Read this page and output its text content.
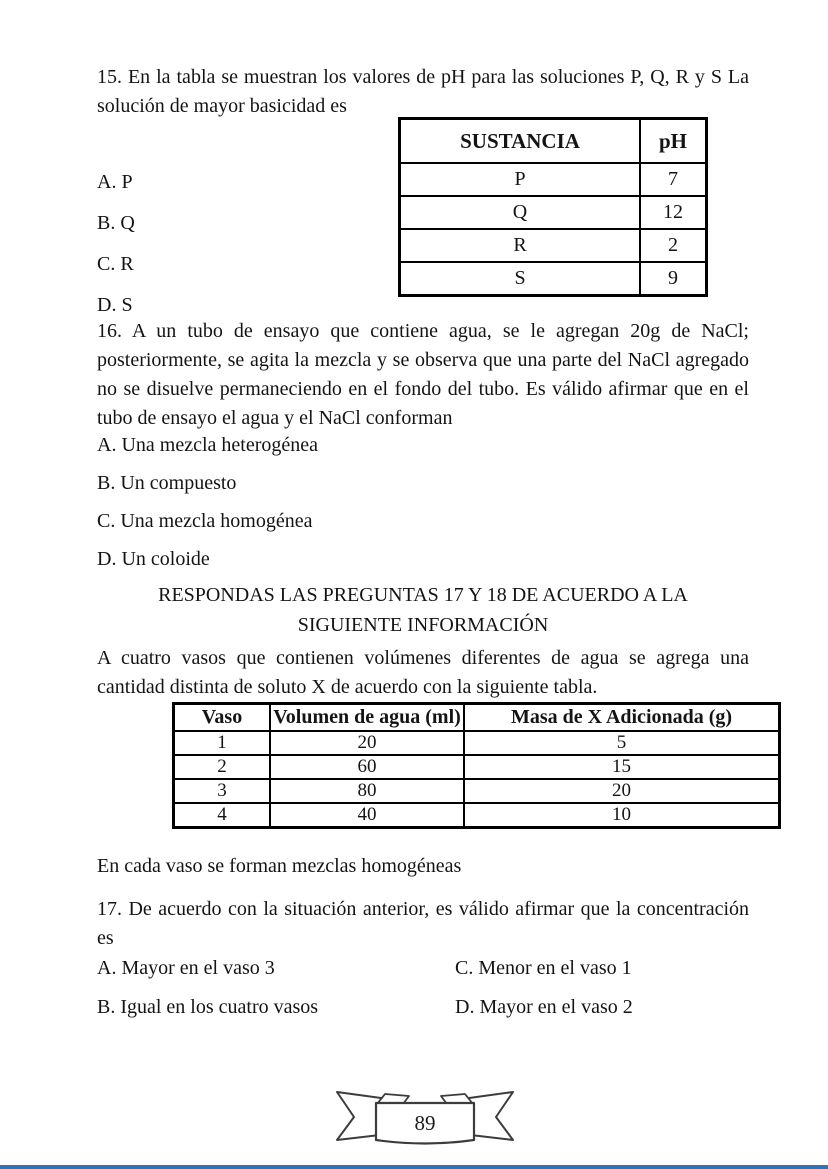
15. En la tabla se muestran los valores de pH para las soluciones P, Q, R y S La solución de mayor basicidad es
SUSTANCIA	pH
P	7
Q	12
R	2
S	9
A. P
B. Q
C. R
D. S
16. A un tubo de ensayo que contiene agua, se le agregan 20g de NaCl; posteriormente, se agita la mezcla y se observa que una parte del NaCl agregado no se disuelve permaneciendo en el fondo del tubo. Es válido afirmar que en el tubo de ensayo el agua y el NaCl conforman
A. Una mezcla heterogénea
B. Un compuesto
C. Una mezcla homogénea
D. Un coloide
RESPONDAS LAS PREGUNTAS 17 Y 18 DE ACUERDO A LA
SIGUIENTE INFORMACIÓN
A cuatro vasos que contienen volúmenes diferentes de agua se agrega una cantidad distinta de soluto X de acuerdo con la siguiente tabla.
Vaso	Volumen de agua (ml)	Masa de X Adicionada (g)
1	20	5
2	60	15
3	80	20
4	40	10
En cada vaso se forman mezclas homogéneas
17. De acuerdo con la situación anterior, es válido afirmar que la concentración es
A. Mayor en el vaso 3	C. Menor en el vaso 1
B. Igual en los cuatro vasos	D. Mayor en el vaso 2
89
